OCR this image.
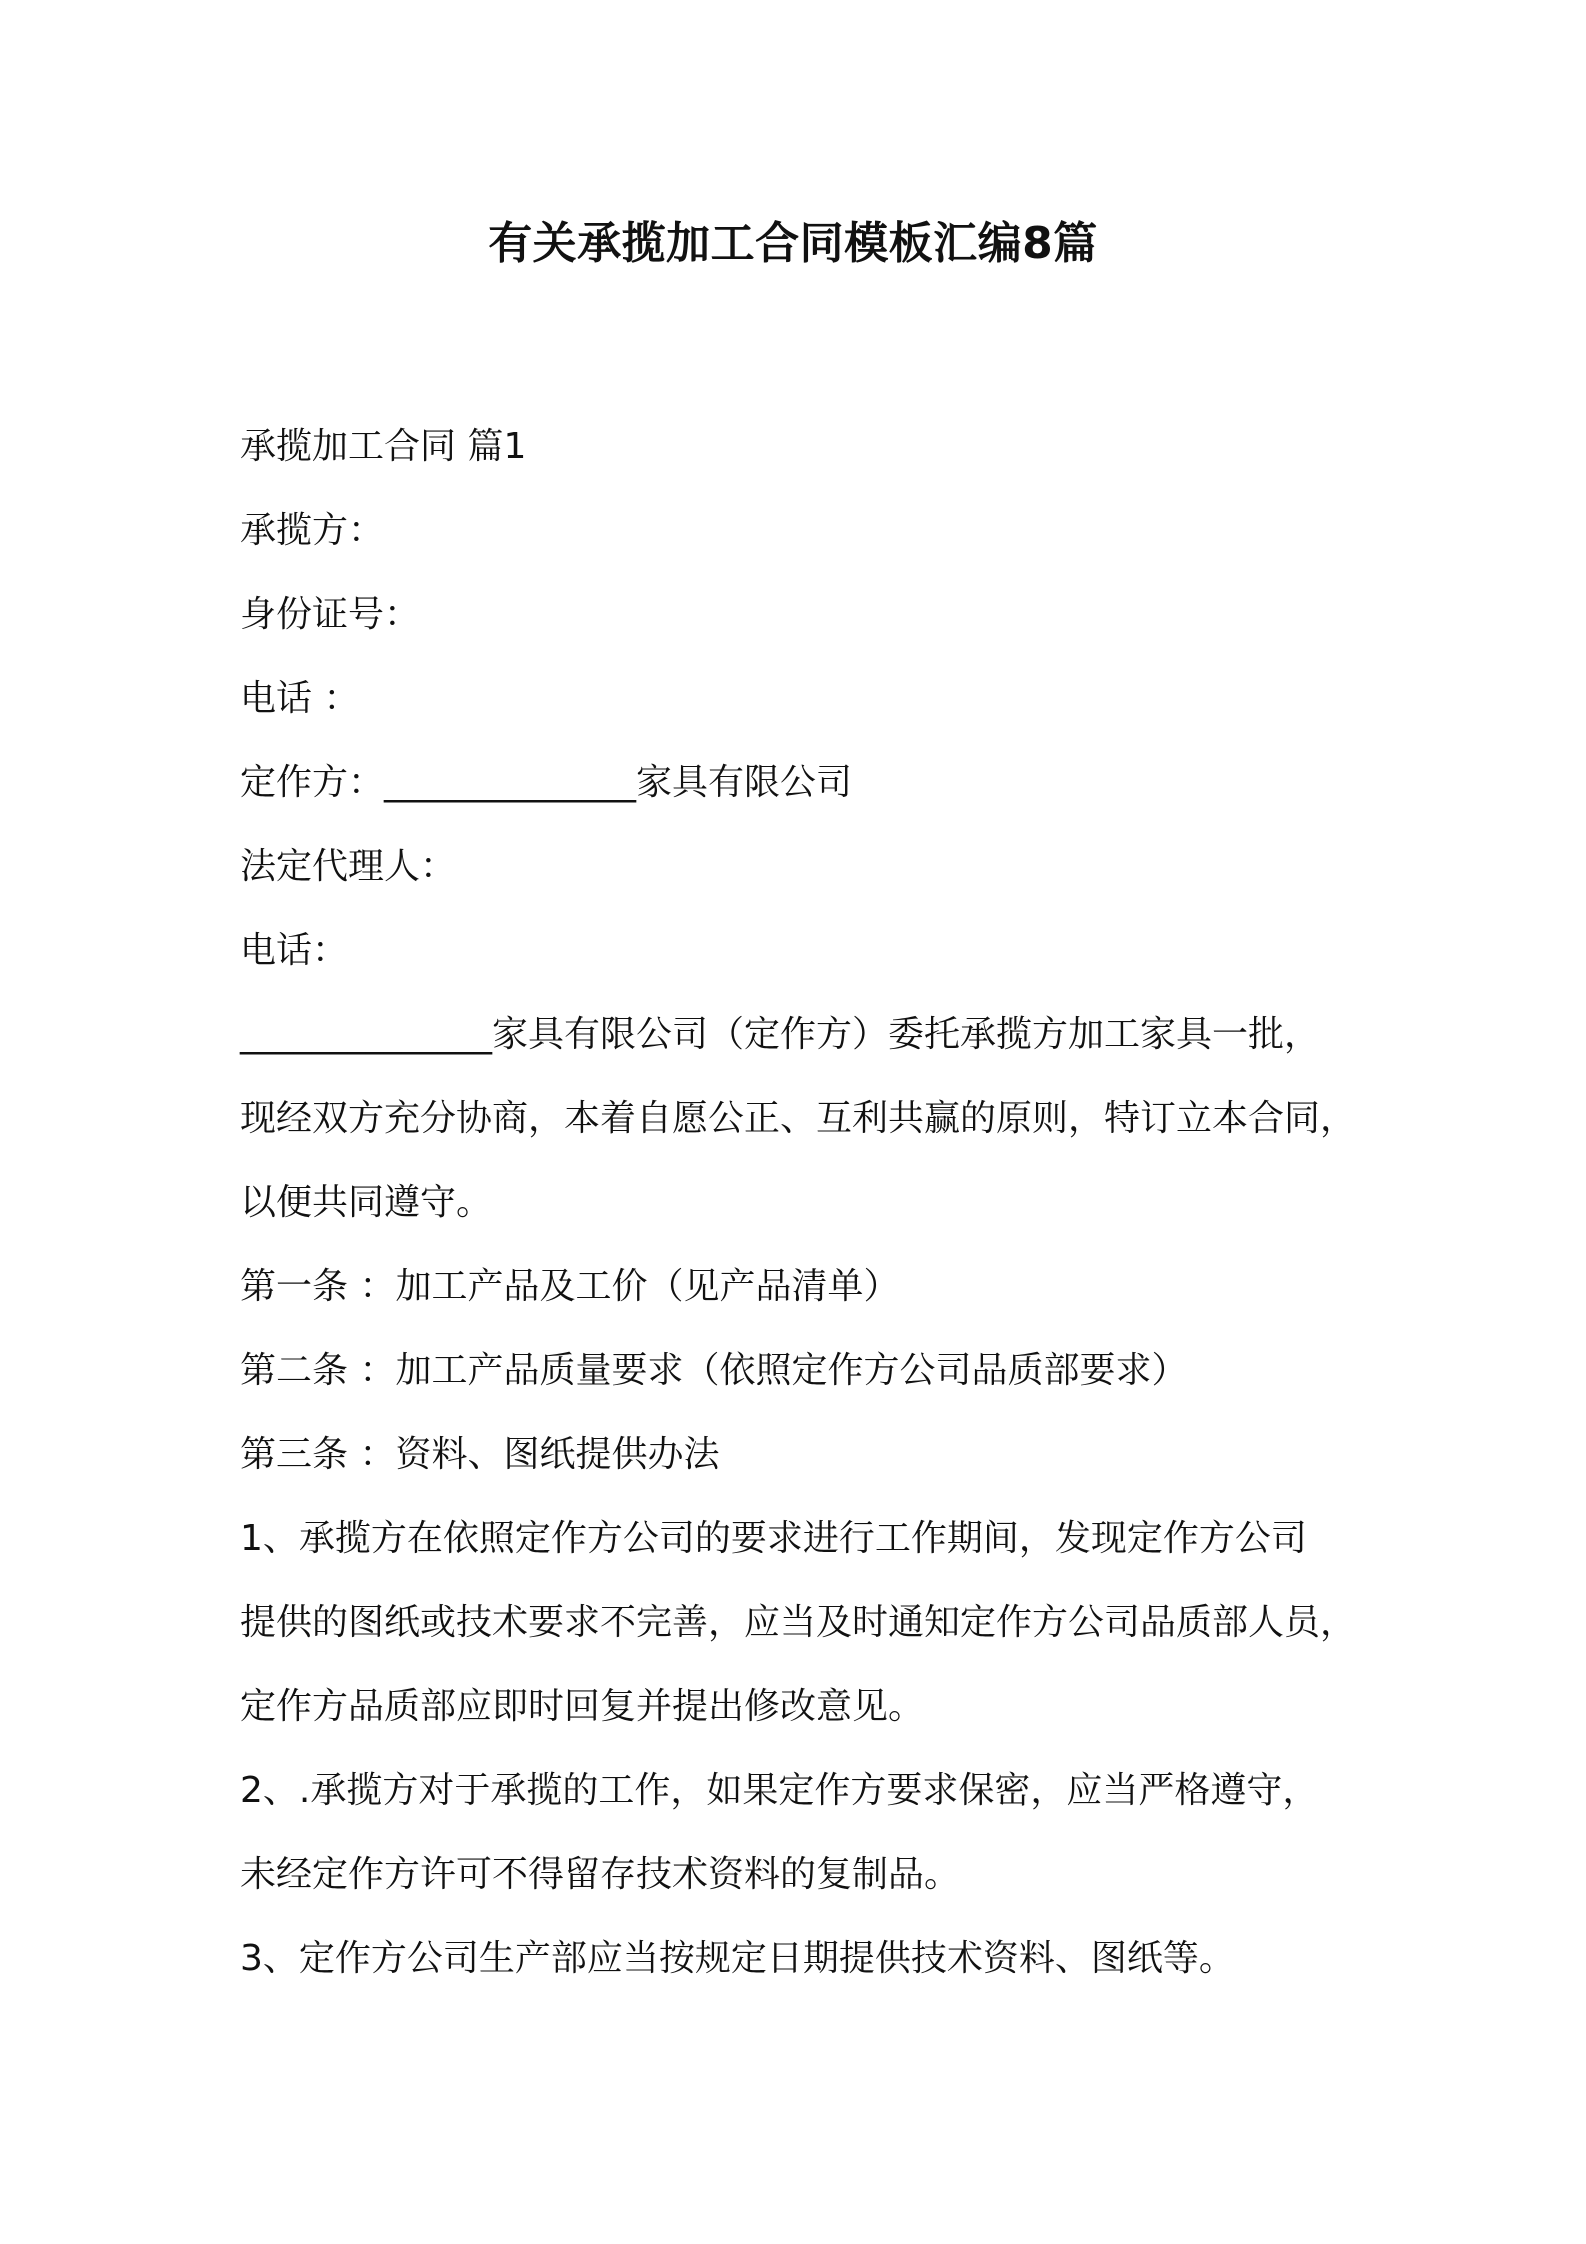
有关承揽加工合同模板汇编8篇
承揽加工合同 篇1
承揽方：
身份证号：
电话 ：
定作方：______________家具有限公司
法定代理人：
电话：
______________家具有限公司（定作方）委托承揽方加工家具一批，
现经双方充分协商，本着自愿公正、互利共赢的原则，特订立本合同，
以便共同遵守。
第一条 ：加工产品及工价（见产品清单）
第二条 ：加工产品质量要求（依照定作方公司品质部要求）
第三条 ：资料、图纸提供办法
1、承揽方在依照定作方公司的要求进行工作期间，发现定作方公司
提供的图纸或技术要求不完善，应当及时通知定作方公司品质部人员，
定作方品质部应即时回复并提出修改意见。
2、.承揽方对于承揽的工作，如果定作方要求保密，应当严格遵守，
未经定作方许可不得留存技术资料的复制品。
3、定作方公司生产部应当按规定日期提供技术资料、图纸等。
